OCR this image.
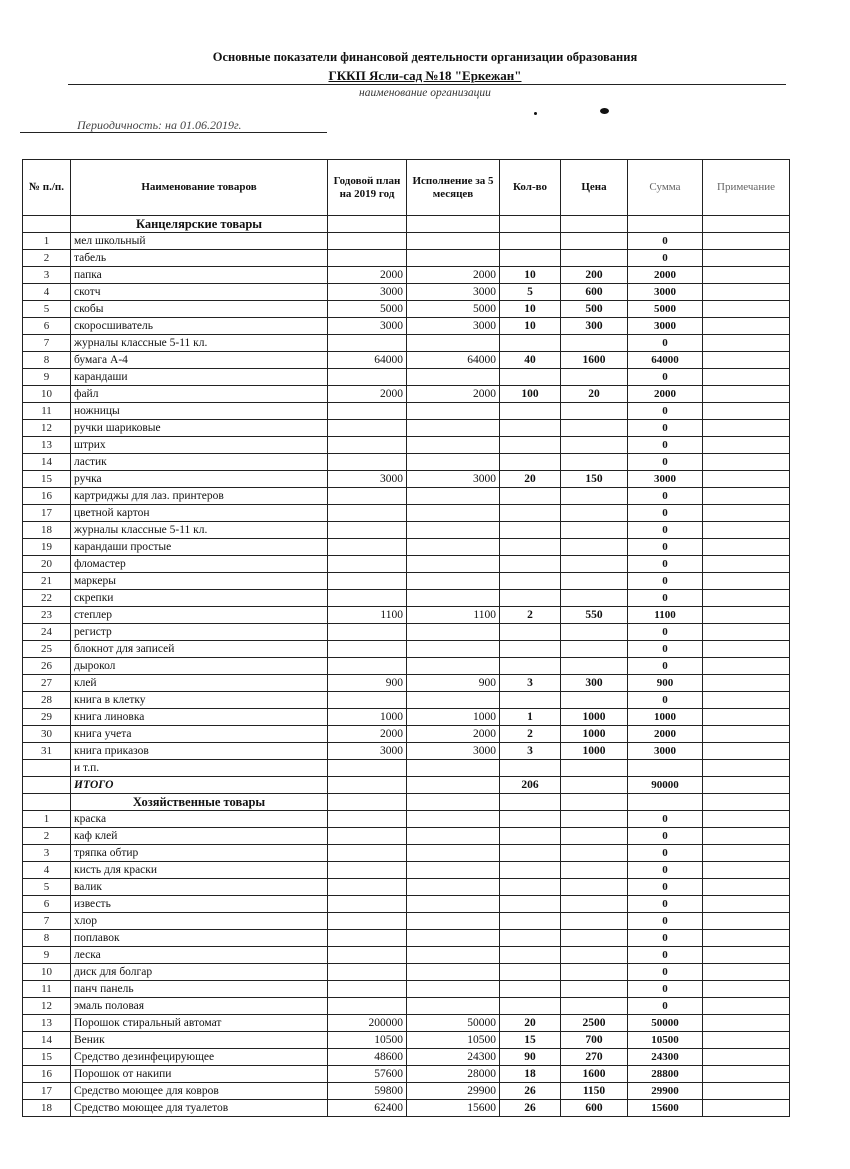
Основные показатели финансовой деятельности организации образования
ГККП Ясли-сад №18 "Еркежан"
наименование организации
Периодичность: на 01.06.2019г.
№ п./п.	Наименование товаров	Годовой план на 2019 год	Исполнение за 5 месяцев	Кол-во	Цена	Сумма	Примечание
	Канцелярские товары						
1	мел школьный					0	
2	табель					0	
3	папка	2000	2000	10	200	2000	
4	скотч	3000	3000	5	600	3000	
5	скобы	5000	5000	10	500	5000	
6	скоросшиватель	3000	3000	10	300	3000	
7	журналы классные 5-11 кл.					0	
8	бумага А-4	64000	64000	40	1600	64000	
9	карандаши					0	
10	файл	2000	2000	100	20	2000	
11	ножницы					0	
12	ручки шариковые					0	
13	штрих					0	
14	ластик					0	
15	ручка	3000	3000	20	150	3000	
16	картриджы для лаз. принтеров					0	
17	цветной картон					0	
18	журналы классные 5-11 кл.					0	
19	карандаши простые					0	
20	фломастер					0	
21	маркеры					0	
22	скрепки					0	
23	степлер	1100	1100	2	550	1100	
24	регистр					0	
25	блокнот для записей					0	
26	дырокол					0	
27	клей	900	900	3	300	900	
28	книга в клетку					0	
29	книга линовка	1000	1000	1	1000	1000	
30	книга учета	2000	2000	2	1000	2000	
31	книга приказов	3000	3000	3	1000	3000	
	и т.п.						
	ИТОГО			206		90000	
	Хозяйственные товары						
1	краска					0	
2	каф клей					0	
3	тряпка обтир					0	
4	кисть для краски					0	
5	валик					0	
6	известь					0	
7	хлор					0	
8	поплавок					0	
9	леска					0	
10	диск для болгар					0	
11	панч панель					0	
12	эмаль половая					0	
13	Порошок стиральный автомат	200000	50000	20	2500	50000	
14	Веник	10500	10500	15	700	10500	
15	Средство дезинфецирующее	48600	24300	90	270	24300	
16	Порошок от накипи	57600	28000	18	1600	28800	
17	Средство моющее для ковров	59800	29900	26	1150	29900	
18	Средство моющее для туалетов	62400	15600	26	600	15600	
